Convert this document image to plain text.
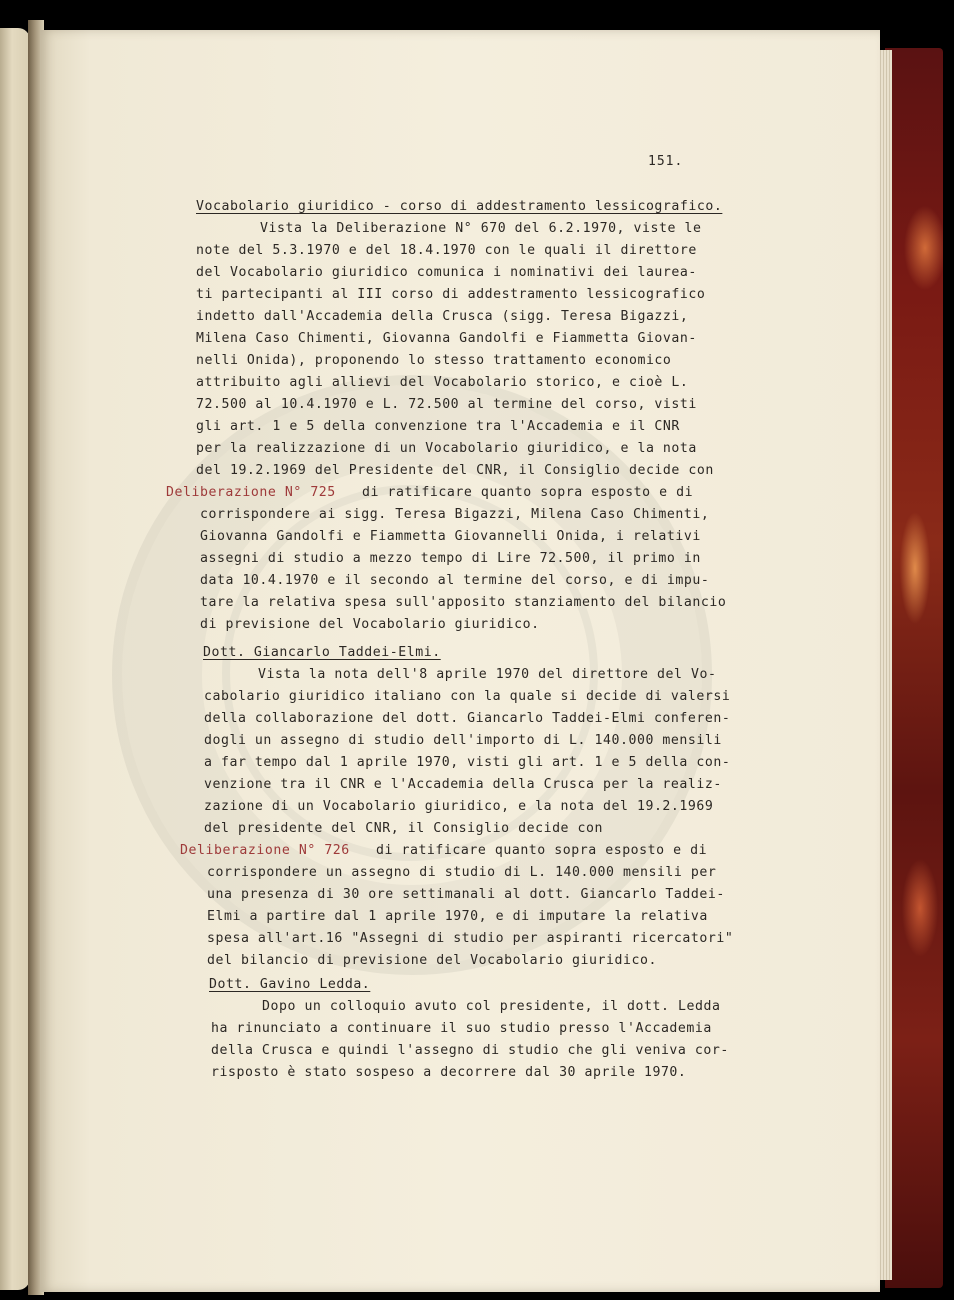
151.
Vocabolario giuridico - corso di addestramento lessicografico.
Vista la Deliberazione N° 670 del 6.2.1970, viste le
note del 5.3.1970 e del 18.4.1970 con le quali il direttore
del Vocabolario giuridico comunica i nominativi dei laurea-
ti partecipanti al III corso di addestramento lessicografico
indetto dall'Accademia della Crusca (sigg. Teresa Bigazzi,
Milena Caso Chimenti, Giovanna Gandolfi e Fiammetta Giovan-
nelli Onida), proponendo lo stesso trattamento economico
attribuito agli allievi del Vocabolario storico, e cioè L.
72.500 al 10.4.1970 e L. 72.500 al termine del corso, visti
gli art. 1 e 5 della convenzione tra l'Accademia e il CNR
per la realizzazione di un Vocabolario giuridico, e la nota
del 19.2.1969 del Presidente del CNR, il Consiglio decide con
Deliberazione N° 725 di ratificare quanto sopra esposto e di
corrispondere ai sigg. Teresa Bigazzi, Milena Caso Chimenti,
Giovanna Gandolfi e Fiammetta Giovannelli Onida, i relativi
assegni di studio a mezzo tempo di Lire 72.500, il primo in
data 10.4.1970 e il secondo al termine del corso, e di impu-
tare la relativa spesa sull'apposito stanziamento del bilancio
di previsione del Vocabolario giuridico.
Dott. Giancarlo Taddei-Elmi.
Vista la nota dell'8 aprile 1970 del direttore del Vo-
cabolario giuridico italiano con la quale si decide di valersi
della collaborazione del dott. Giancarlo Taddei-Elmi conferen-
dogli un assegno di studio dell'importo di L. 140.000 mensili
a far tempo dal 1 aprile 1970, visti gli art. 1 e 5 della con-
venzione tra il CNR e l'Accademia della Crusca per la realiz-
zazione di un Vocabolario giuridico, e la nota del 19.2.1969
del presidente del CNR, il Consiglio decide con
Deliberazione N° 726 di ratificare quanto sopra esposto e di
corrispondere un assegno di studio di L. 140.000 mensili per
una presenza di 30 ore settimanali al dott. Giancarlo Taddei-
Elmi a partire dal 1 aprile 1970, e di imputare la relativa
spesa all'art.16 "Assegni di studio per aspiranti ricercatori"
del bilancio di previsione del Vocabolario giuridico.
Dott. Gavino Ledda.
Dopo un colloquio avuto col presidente, il dott. Ledda
ha rinunciato a continuare il suo studio presso l'Accademia
della Crusca e quindi l'assegno di studio che gli veniva cor-
risposto è stato sospeso a decorrere dal 30 aprile 1970.
